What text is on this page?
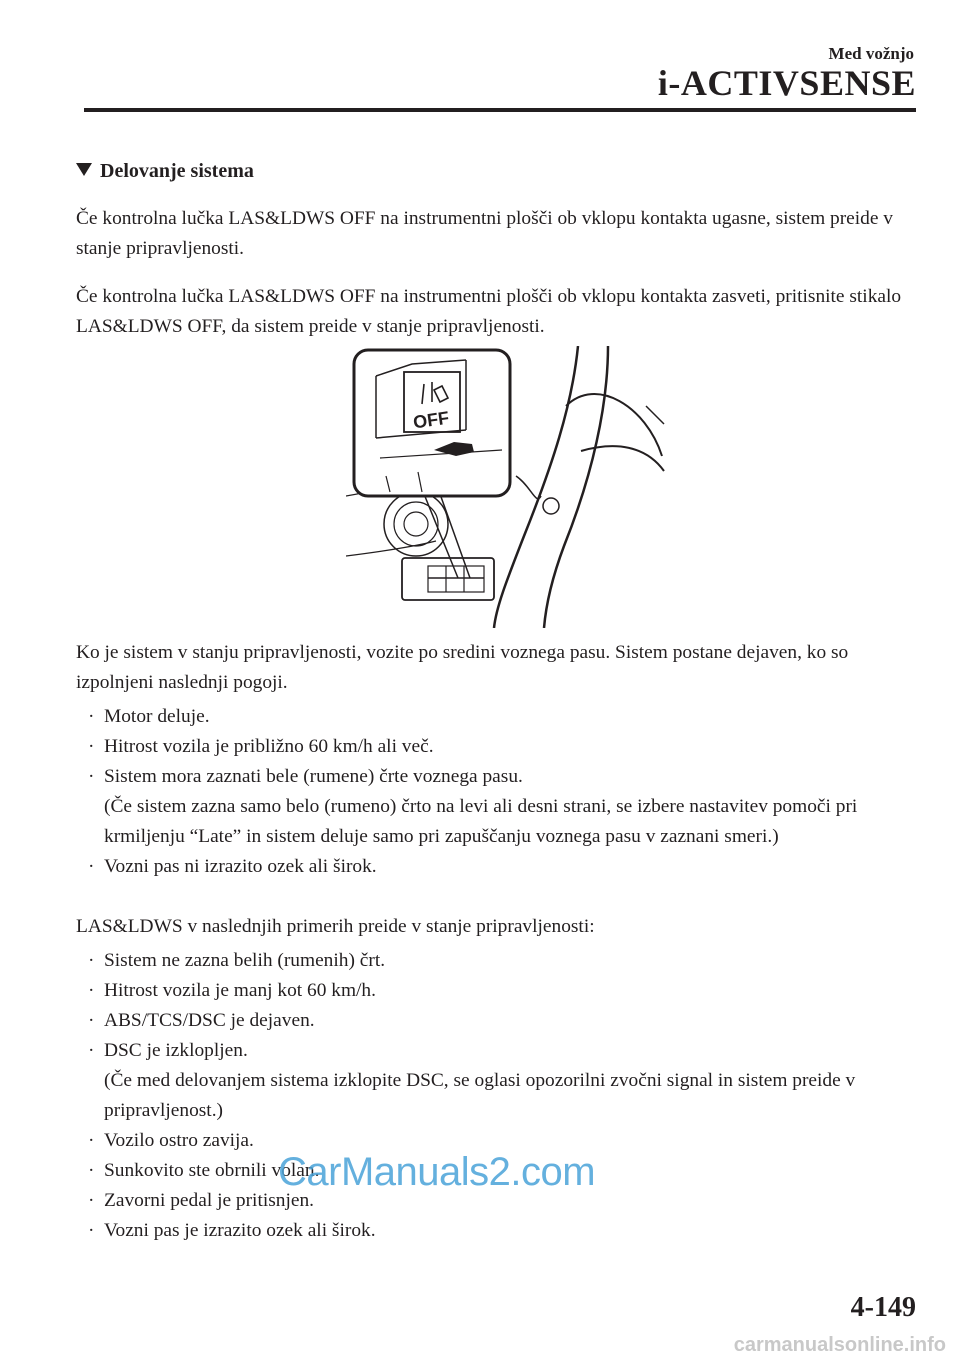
Med vožnjo
i-ACTIVSENSE
Delovanje sistema

Če kontrolna lučka LAS&LDWS OFF na instrumentni plošči ob vklopu kontakta ugasne, sistem preide v stanje pripravljenosti.

Če kontrolna lučka LAS&LDWS OFF na instrumentni plošči ob vklopu kontakta zasveti, pritisnite stikalo LAS&LDWS OFF, da sistem preide v stanje pripravljenosti.

OFF

Ko je sistem v stanju pripravljenosti, vozite po sredini voznega pasu. Sistem postane dejaven, ko so izpolnjeni naslednji pogoji.

· Motor deluje.
· Hitrost vozila je približno 60 km/h ali več.
· Sistem mora zaznati bele (rumene) črte voznega pasu.
(Če sistem zazna samo belo (rumeno) črto na levi ali desni strani, se izbere nastavitev pomoči pri krmiljenju “Late” in sistem deluje samo pri zapuščanju voznega pasu v zaznani smeri.)
· Vozni pas ni izrazito ozek ali širok.

LAS&LDWS v naslednjih primerih preide v stanje pripravljenosti:

· Sistem ne zazna belih (rumenih) črt.
· Hitrost vozila je manj kot 60 km/h.
· ABS/TCS/DSC je dejaven.
· DSC je izklopljen.
(Če med delovanjem sistema izklopite DSC, se oglasi opozorilni zvočni signal in sistem preide v pripravljenost.)
· Vozilo ostro zavija.
· Sunkovito ste obrnili volan.
· Zavorni pedal je pritisnjen.
· Vozni pas je izrazito ozek ali širok.
CarManuals2.com
4-149
carmanualsonline.info
